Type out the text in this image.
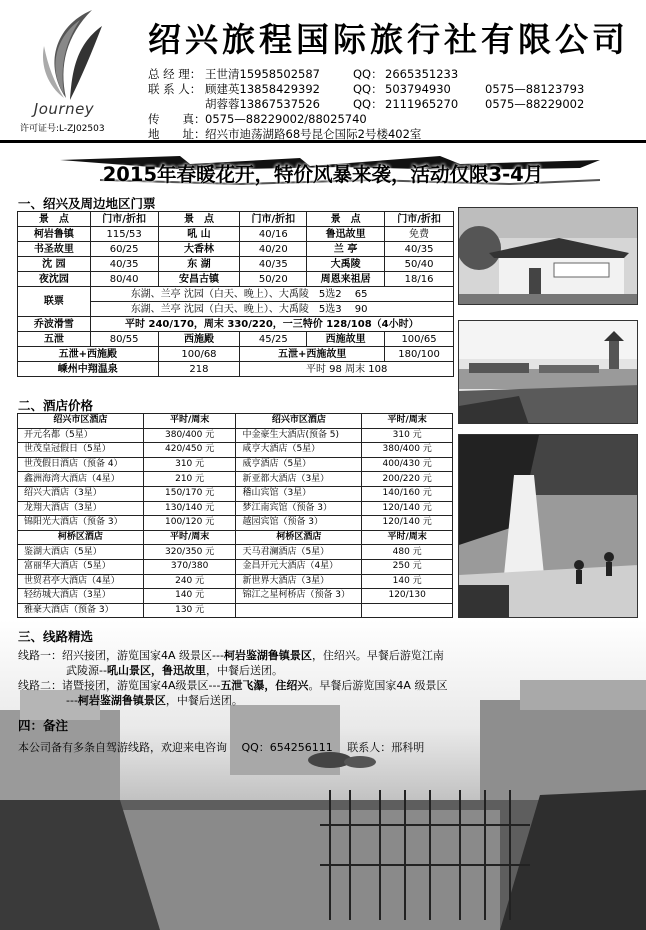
Journey
许可证号:L-ZJ02503
绍兴旅程国际旅行社有限公司
总 经 理： 王世清15958502587	QQ： 2665351233
联 系 人： 顾建英13858429392	QQ： 503794930	0575—88123793
胡蓉蓉13867537526	QQ： 2111965270 0575—88229002
传　　真： 0575—88229002/88025740
地　　址： 绍兴市迪荡湖路68号昆仑国际2号楼402室
2015年春暖花开，特价风暴来袭，活动仅限3-4月
一、绍兴及周边地区门票
景　点	门市/折扣	景　点	门市/折扣	景　点	门市/折扣
柯岩鲁镇	115/53	吼 山	40/16	鲁迅故里	免费
书圣故里	60/25	大香林	40/20	兰 亭	40/35
沈 园	40/35	东 湖	40/35	大禹陵	50/40
夜沈园	80/40	安昌古镇	50/20	周恩来祖居	18/16
联票	东湖、兰亭 沈园（白天、晚上）、大禹陵　5选2　 65				
	东湖、兰亭 沈园（白天、晚上）、大禹陵　5选3　 90				
乔波滑雪	平时 240/170，周末 330/220，一三特价 128/108（4小时）				
五泄	80/55	西施殿	45/25	西施故里	100/65
五泄+西施殿		100/68	五泄+西施故里		180/100
嵊州中翔温泉		218	平时 98 周末 108		
二、酒店价格
绍兴市区酒店	平时/周末	绍兴市区酒店	平时/周末
开元名都（5星）	380/400 元	中金豪生大酒店(预备 5)	310 元
世茂皇冠假日（5星）	420/450 元	咸亨大酒店（5星）	380/400 元
世茂假日酒店（预备 4）	310 元	威亨酒店（5星）	400/430 元
鑫洲海湾大酒店（4星）	210 元	新亚都大酒店（3星）	200/220 元
绍兴大酒店（3星）	150/170 元	稽山宾馆（3星）	140/160 元
龙翔大酒店（3星）	130/140 元	梦江南宾馆（预备 3）	120/140 元
锦阳光大酒店（预备 3）	100/120 元	越园宾馆（预备 3）	120/140 元
柯桥区酒店	平时/周末	柯桥区酒店	平时/周末
鉴湖大酒店（5星）	320/350 元	天马君澜酒店（5星）	480 元
富丽华大酒店（5星）	370/380	金昌开元大酒店（4星）	250 元
世贸君亭大酒店（4星）	240 元	新世界大酒店（3星）	140 元
轻纺城大酒店（3星）	140 元	锦江之星柯桥店（预备 3）	120/130
雅豪大酒店（预备 3）	130 元		
三、线路精选
线路一：绍兴接团，游览国家4A 级景区---柯岩鉴湖鲁镇景区，住绍兴。早餐后游览江南
武陵源--吼山景区，鲁迅故里，中餐后送团。
线路二：诸暨接团，游览国家4A级景区---五泄飞瀑，住绍兴。早餐后游览国家4A 级景区
---柯岩鉴湖鲁镇景区，中餐后送团。
四：备注
本公司备有多条自驾游线路，欢迎来电咨询　 QQ：654256111　 联系人：邢科明
